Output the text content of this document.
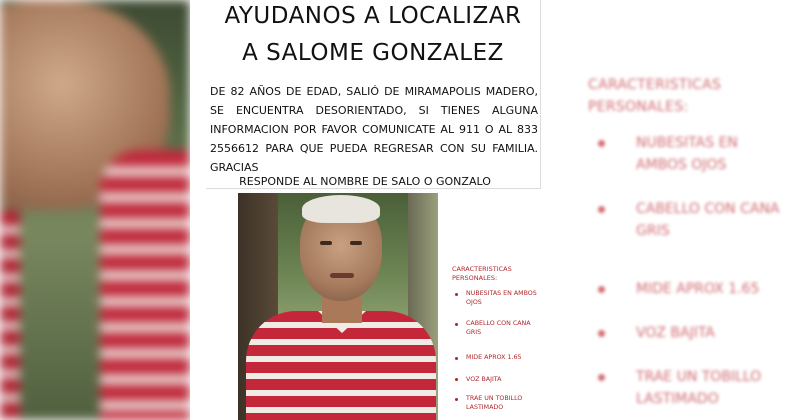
CARACTERISTICAS PERSONALES:
NUBESITAS EN AMBOS OJOS
CABELLO CON CANA GRIS
MIDE APROX 1.65
VOZ BAJITA
TRAE UN TOBILLO LASTIMADO
AYUDANOS A LOCALIZAR
A SALOME GONZALEZ
DE 82 AÑOS DE EDAD, SALIÓ DE MIRAMAPOLIS MADERO, SE ENCUENTRA DESORIENTADO, SI TIENES ALGUNA INFORMACION POR FAVOR COMUNICATE AL 911 O AL 833 2556612 PARA QUE PUEDA REGRESAR CON SU FAMILIA. GRACIAS
RESPONDE AL NOMBRE DE SALO O GONZALO
CARACTERISTICAS PERSONALES:
NUBESITAS EN AMBOS OJOS
CABELLO CON CANA GRIS
MIDE APROX 1.65
VOZ BAJITA
TRAE UN TOBILLO LASTIMADO
